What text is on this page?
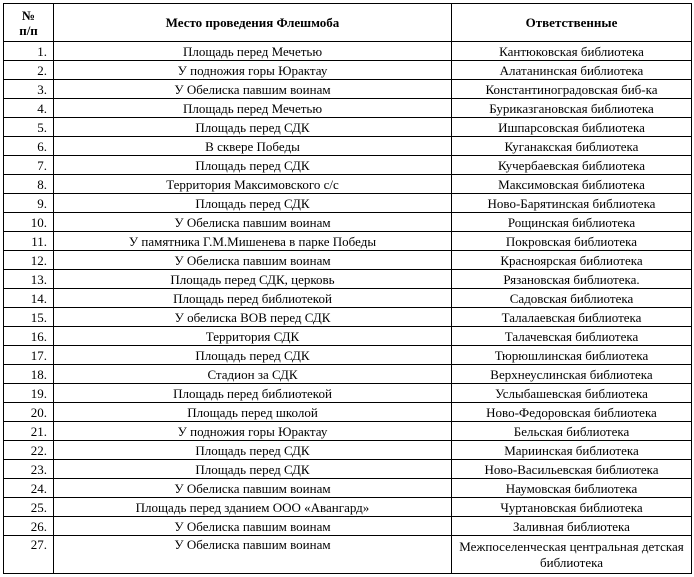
№
п/п	Место проведения Флешмоба	Ответственные
1.	Площадь перед Мечетью	Кантюковская библиотека
2.	У подножия горы Юрактау	Алатанинская библиотека
3.	У Обелиска павшим воинам	Константиноградовская биб-ка
4.	Площадь перед Мечетью	Буриказгановская библиотека
5.	Площадь перед СДК	Ишпарсовская библиотека
6.	В сквере Победы	Куганакская библиотека
7.	Площадь перед СДК	Кучербаевская библиотека
8.	Территория Максимовского с/с	Максимовская библиотека
9.	Площадь перед СДК	Ново-Барятинская библиотека
10.	У Обелиска павшим воинам	Рощинская библиотека
11.	У памятника Г.М.Мишенева в парке Победы	Покровская библиотека
12.	У Обелиска павшим воинам	Красноярская библиотека
13.	Площадь перед СДК, церковь	Рязановская библиотека.
14.	Площадь перед библиотекой	Садовская библиотека
15.	У обелиска ВОВ перед СДК	Талалаевская библиотека
16.	Территория СДК	Талачевская библиотека
17.	Площадь перед СДК	Тюрюшлинская библиотека
18.	Стадион за СДК	Верхнеуслинская библиотека
19.	Площадь перед библиотекой	Услыбашевская библиотека
20.	Площадь перед школой	Ново-Федоровская библиотека
21.	У подножия горы Юрактау	Бельская библиотека
22.	Площадь перед СДК	Мариинская библиотека
23.	Площадь перед СДК	Ново-Васильевская библиотека
24.	У Обелиска павшим воинам	Наумовская библиотека
25.	Площадь перед зданием ООО «Авангард»	Чуртановская библиотека
26.	У Обелиска павшим воинам	Заливная библиотека
27.	У Обелиска павшим воинам	Межпоселенческая центральная детская библиотека
